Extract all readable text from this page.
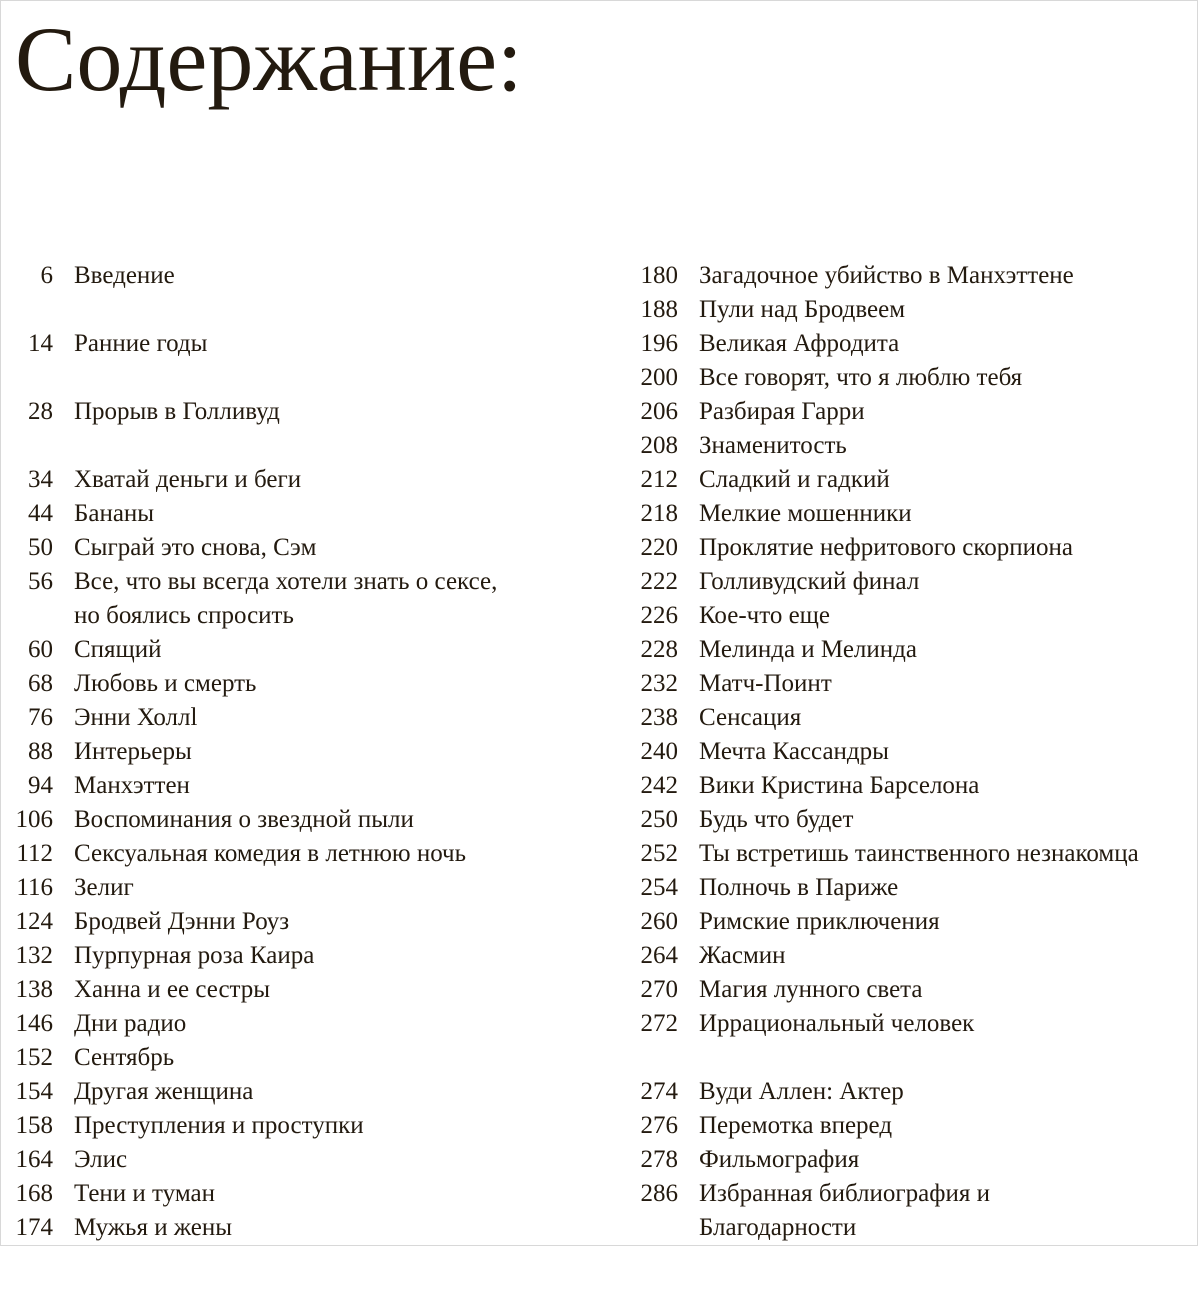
Содержание:
6 Введение
14 Ранние годы
28 Прорыв в Голливуд
34 Хватай деньги и беги
44 Бананы
50 Сыграй это снова, Сэм
56 Все, что вы всегда хотели знать о сексе,
но боялись спросить
60 Спящий
68 Любовь и смерть
76 Энни Холлl
88 Интерьеры
94 Манхэттен
106 Воспоминания о звездной пыли
112 Сексуальная комедия в летнюю ночь
116 Зелиг
124 Бродвей Дэнни Роуз
132 Пурпурная роза Каира
138 Ханна и ее сестры
146 Дни радио
152 Сентябрь
154 Другая женщина
158 Преступления и проступки
164 Элис
168 Тени и туман
174 Мужья и жены
180 Загадочное убийство в Манхэттене
188 Пули над Бродвеем
196 Великая Афродита
200 Все говорят, что я люблю тебя
206 Разбирая Гарри
208 Знаменитость
212 Сладкий и гадкий
218 Мелкие мошенники
220 Проклятие нефритового скорпиона
222 Голливудский финал
226 Кое-что еще
228 Мелинда и Мелинда
232 Матч-Поинт
238 Сенсация
240 Мечта Кассандры
242 Вики Кристина Барселона
250 Будь что будет
252 Ты встретишь таинственного незнакомца
254 Полночь в Париже
260 Римские приключения
264 Жасмин
270 Магия лунного света
272 Иррациональный человек
274 Вуди Аллен: Актер
276 Перемотка вперед
278 Фильмография
286 Избранная библиография и
Благодарности
